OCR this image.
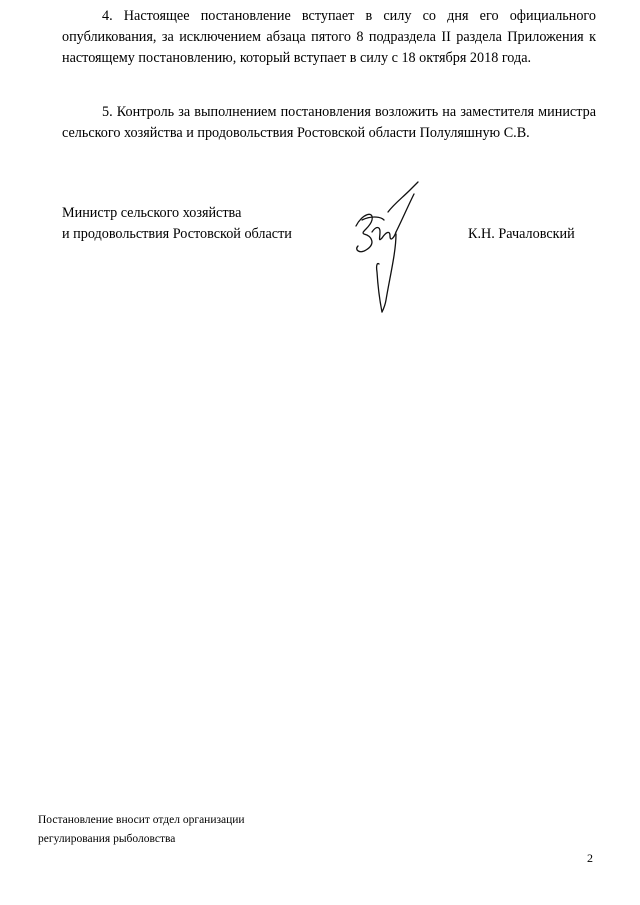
4. Настоящее постановление вступает в силу со дня его официального опубликования, за исключением абзаца пятого 8 подраздела II раздела Приложения к настоящему постановлению, который вступает в силу с 18 октября 2018 года.

5. Контроль за выполнением постановления возложить на заместителя министра сельского хозяйства и продовольствия Ростовской области Полуляшную С.В.

Министр сельского хозяйства
и продовольствия Ростовской области	К.Н. Рачаловский
Постановление вносит отдел организации
регулирования рыболовства
2
